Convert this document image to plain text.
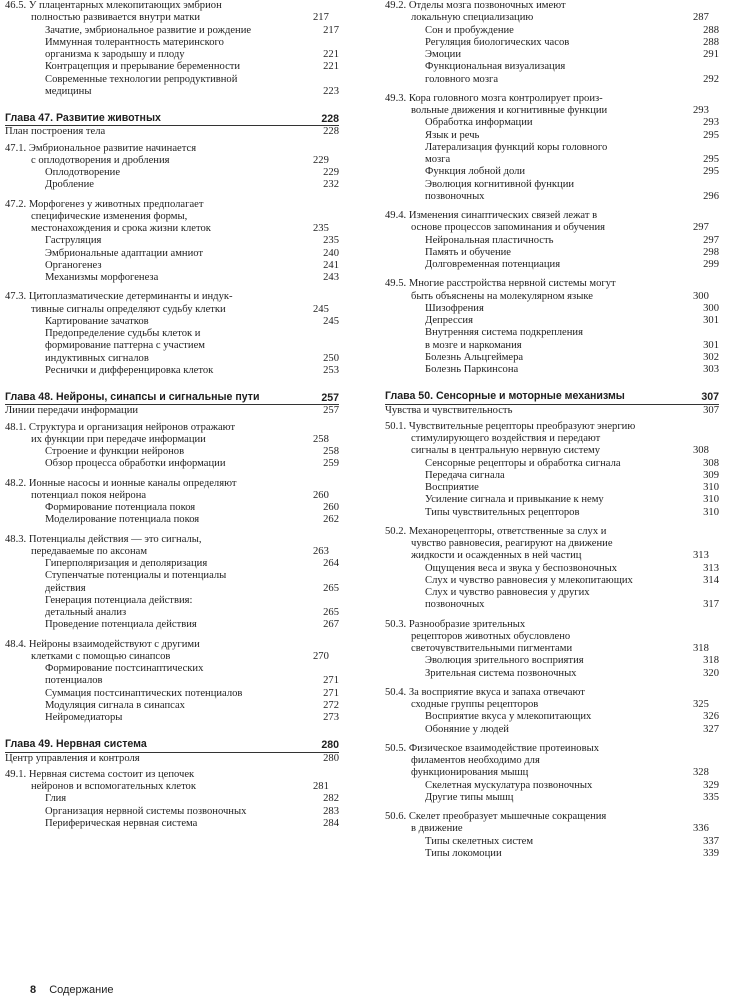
46.5. У плацентарных млекопитающих эмбрион
полностью развивается внутри матки	217
Зачатие, эмбриональное развитие и рождение	217
Иммунная толерантность материнского
организма к зародышу и плоду	221
Контрацепция и прерывание беременности	221
Современные технологии репродуктивной
медицины	223
Глава 47. Развитие животных	228
План построения тела	228
47.1. Эмбриональное развитие начинается
с оплодотворения и дробления	229
Оплодотворение	229
Дробление	232
47.2. Морфогенез у животных предполагает
специфические изменения формы,
местонахождения и срока жизни клеток	235
Гаструляция	235
Эмбриональные адаптации амниот	240
Органогенез	241
Механизмы морфогенеза	243
47.3. Цитоплазматические детерминанты и индук-
тивные сигналы определяют судьбу клетки	245
Картирование зачатков	245
Предопределение судьбы клеток и
формирование паттерна с участием
индуктивных сигналов	250
Реснички и дифференцировка клеток	253
Глава 48. Нейроны, синапсы и сигнальные пути	257
Линии передачи информации	257
48.1. Структура и организация нейронов отражают
их функции при передаче информации	258
Строение и функции нейронов	258
Обзор процесса обработки информации	259
48.2. Ионные насосы и ионные каналы определяют
потенциал покоя нейрона	260
Формирование потенциала покоя	260
Моделирование потенциала покоя	262
48.3. Потенциалы действия — это сигналы,
передаваемые по аксонам	263
Гиперполяризация и деполяризация	264
Ступенчатые потенциалы и потенциалы
действия	265
Генерация потенциала действия:
детальный анализ	265
Проведение потенциала действия	267
48.4. Нейроны взаимодействуют с другими
клетками с помощью синапсов	270
Формирование постсинаптических
потенциалов	271
Суммация постсинаптических потенциалов	271
Модуляция сигнала в синапсах	272
Нейромедиаторы	273
Глава 49. Нервная система	280
Центр управления и контроля	280
49.1. Нервная система состоит из цепочек
нейронов и вспомогательных клеток	281
Глия	282
Организация нервной системы позвоночных	283
Периферическая нервная система	284
49.2. Отделы мозга позвоночных имеют
локальную специализацию	287
Сон и пробуждение	288
Регуляция биологических часов	288
Эмоции	291
Функциональная визуализация
головного мозга	292
49.3. Кора головного мозга контролирует произ-
вольные движения и когнитивные функции	293
Обработка информации	293
Язык и речь	295
Латерализация функций коры головного
мозга	295
Функция лобной доли	295
Эволюция когнитивной функции
позвоночных	296
49.4. Изменения синаптических связей лежат в
основе процессов запоминания и обучения	297
Нейрональная пластичность	297
Память и обучение	298
Долговременная потенциация	299
49.5. Многие расстройства нервной системы могут
быть объяснены на молекулярном языке	300
Шизофрения	300
Депрессия	301
Внутренняя система подкрепления
в мозге и наркомания	301
Болезнь Альцгеймера	302
Болезнь Паркинсона	303
Глава 50. Сенсорные и моторные механизмы	307
Чувства и чувствительность	307
50.1. Чувствительные рецепторы преобразуют энергию
стимулирующего воздействия и передают
сигналы в центральную нервную систему	308
Сенсорные рецепторы и обработка сигнала	308
Передача сигнала	309
Восприятие	310
Усиление сигнала и привыкание к нему	310
Типы чувствительных рецепторов	310
50.2. Механорецепторы, ответственные за слух и
чувство равновесия, реагируют на движение
жидкости и осажденных в ней частиц	313
Ощущения веса и звука у беспозвоночных	313
Слух и чувство равновесия у млекопитающих	314
Слух и чувство равновесия у других
позвоночных	317
50.3. Разнообразие зрительных
рецепторов животных обусловлено
светочувствительными пигментами	318
Эволюция зрительного восприятия	318
Зрительная система позвоночных	320
50.4. За восприятие вкуса и запаха отвечают
сходные группы рецепторов	325
Восприятие вкуса у млекопитающих	326
Обоняние у людей	327
50.5. Физическое взаимодействие протеиновых
филаментов необходимо для
функционирования мышц	328
Скелетная мускулатура позвоночных	329
Другие типы мышц	335
50.6. Скелет преобразует мышечные сокращения
в движение	336
Типы скелетных систем	337
Типы локомоции	339
8 Содержание
